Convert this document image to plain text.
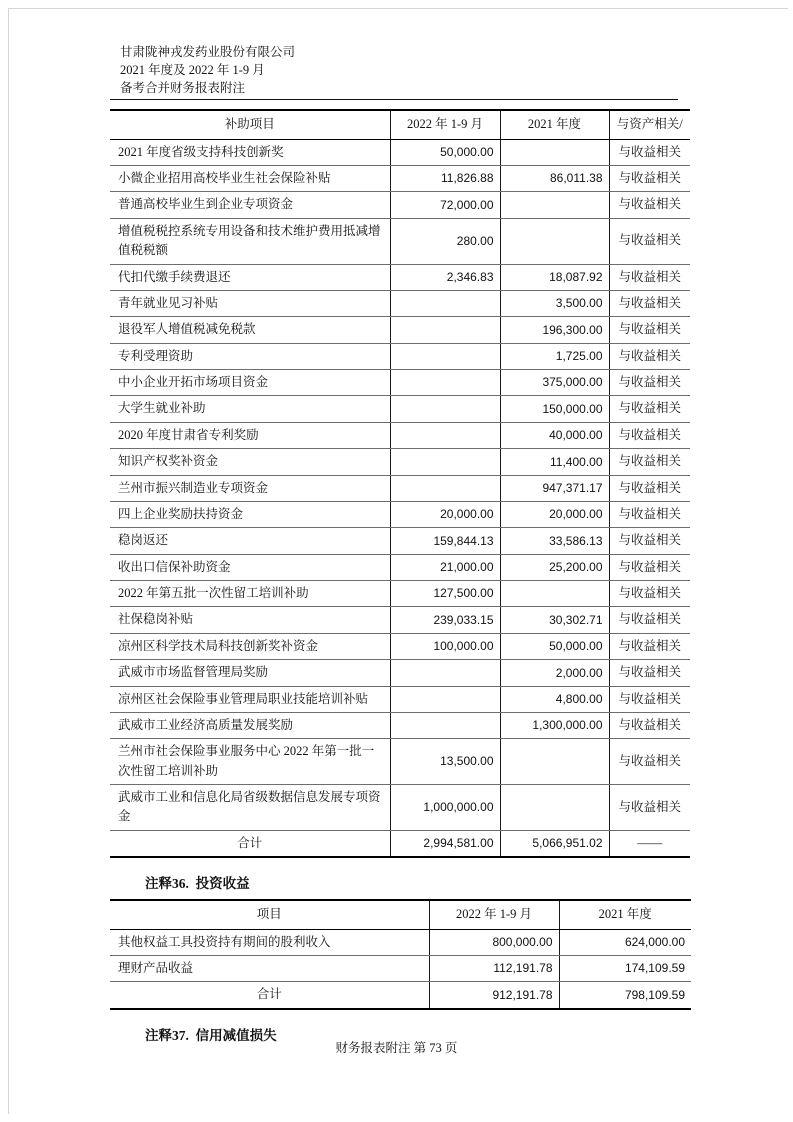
甘肃陇神戎发药业股份有限公司
2021 年度及 2022 年 1-9 月
备考合并财务报表附注
补助项目	2022 年 1-9 月	2021 年度	与资产相关/
2021 年度省级支持科技创新奖	50,000.00		与收益相关
小微企业招用高校毕业生社会保险补贴	11,826.88	86,011.38	与收益相关
普通高校毕业生到企业专项资金	72,000.00		与收益相关
增值税税控系统专用设备和技术维护费用抵减增值税税额	280.00		与收益相关
代扣代缴手续费退还	2,346.83	18,087.92	与收益相关
青年就业见习补贴		3,500.00	与收益相关
退役军人增值税减免税款		196,300.00	与收益相关
专利受理资助		1,725.00	与收益相关
中小企业开拓市场项目资金		375,000.00	与收益相关
大学生就业补助		150,000.00	与收益相关
2020 年度甘肃省专利奖励		40,000.00	与收益相关
知识产权奖补资金		11,400.00	与收益相关
兰州市振兴制造业专项资金		947,371.17	与收益相关
四上企业奖励扶持资金	20,000.00	20,000.00	与收益相关
稳岗返还	159,844.13	33,586.13	与收益相关
收出口信保补助资金	21,000.00	25,200.00	与收益相关
2022 年第五批一次性留工培训补助	127,500.00		与收益相关
社保稳岗补贴	239,033.15	30,302.71	与收益相关
凉州区科学技术局科技创新奖补资金	100,000.00	50,000.00	与收益相关
武威市市场监督管理局奖励		2,000.00	与收益相关
凉州区社会保险事业管理局职业技能培训补贴		4,800.00	与收益相关
武威市工业经济高质量发展奖励		1,300,000.00	与收益相关
兰州市社会保险事业服务中心 2022 年第一批一次性留工培训补助	13,500.00		与收益相关
武威市工业和信息化局省级数据信息发展专项资金	1,000,000.00		与收益相关
合计	2,994,581.00	5,066,951.02	——
注释36.  投资收益
项目	2022 年 1-9 月	2021 年度
其他权益工具投资持有期间的股利收入	800,000.00	624,000.00
理财产品收益	112,191.78	174,109.59
合计	912,191.78	798,109.59
注释37.  信用减值损失
财务报表附注 第 73 页
